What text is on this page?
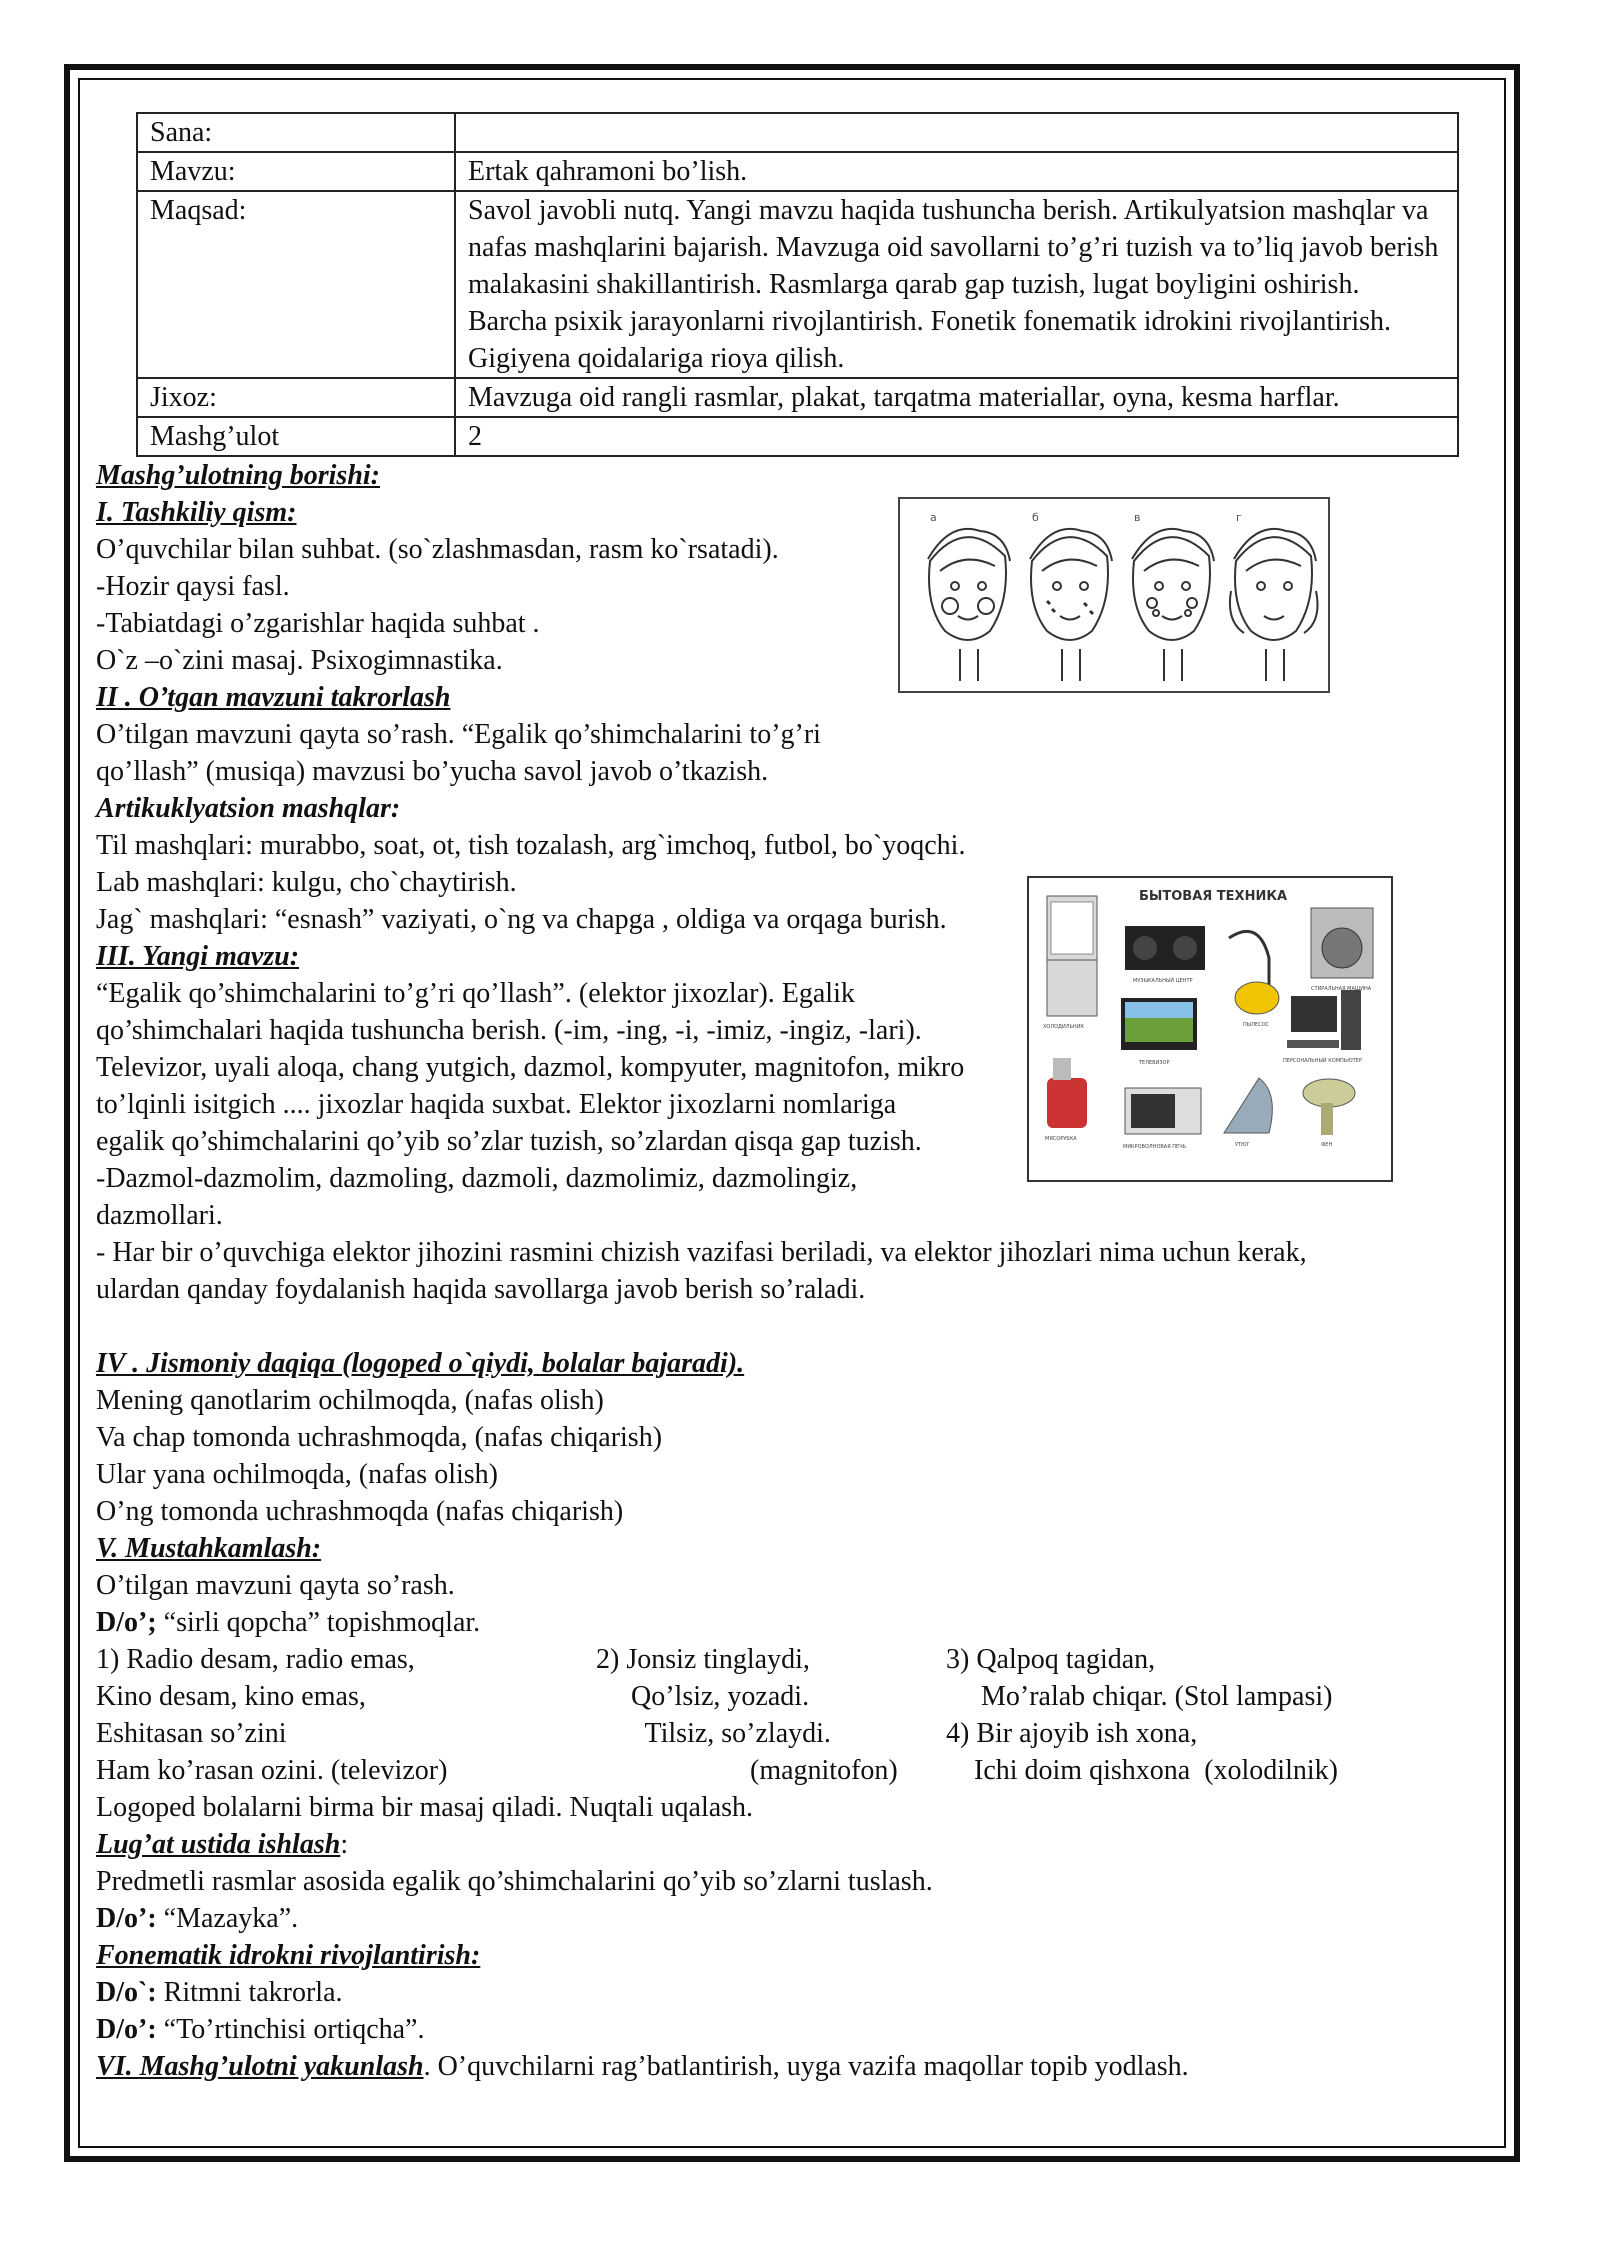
Sana:	
Mavzu:	Ertak qahramoni bo’lish.
Maqsad:	Savol javobli nutq. Yangi mavzu haqida tushuncha berish. Artikulyatsion mashqlar va nafas mashqlarini bajarish. Mavzuga oid savollarni to’g’ri tuzish va to’liq javob berish malakasini shakillantirish. Rasmlarga qarab gap tuzish, lugat boyligini oshirish. Barcha psixik jarayonlarni rivojlantirish. Fonetik fonematik idrokini rivojlantirish. Gigiyena qoidalariga rioya qilish.
Jixoz:	Mavzuga oid rangli rasmlar, plakat, tarqatma materiallar, oyna, kesma harflar.
Mashg’ulot	2
Mashg’ulotning borishi:
I. Tashkiliy qism:
O’quvchilar bilan suhbat. (so`zlashmasdan, rasm ko`rsatadi).
-Hozir qaysi fasl.
-Tabiatdagi o’zgarishlar haqida suhbat .
O`z –o`zini masaj. Psixogimnastika.
II . O’tgan mavzuni takrorlash
O’tilgan mavzuni qayta so’rash. “Egalik qo’shimchalarini to’g’ri
qo’llash” (musiqa) mavzusi bo’yucha savol javob o’tkazish.
Artikuklyatsion mashqlar:
Til mashqlari: murabbo, soat, ot, tish tozalash, arg`imchoq, futbol, bo`yoqchi.
Lab mashqlari: kulgu, cho`chaytirish.
Jag` mashqlari: “esnash” vaziyati, o`ng va chapga , oldiga va orqaga burish.
III. Yangi mavzu:
“Egalik qo’shimchalarini to’g’ri qo’llash”. (elektor jixozlar). Egalik
qo’shimchalari haqida tushuncha berish. (-im, -ing, -i, -imiz, -ingiz, -lari).
Televizor, uyali aloqa, chang yutgich, dazmol, kompyuter, magnitofon, mikro
to’lqinli isitgich .... jixozlar haqida suxbat. Elektor jixozlarni nomlariga
egalik qo’shimchalarini qo’yib so’zlar tuzish, so’zlardan qisqa gap tuzish.
-Dazmol-dazmolim, dazmoling, dazmoli, dazmolimiz, dazmolingiz,
dazmollari.
- Har bir o’quvchiga elektor jihozini rasmini chizish vazifasi beriladi, va elektor jihozlari nima uchun kerak,
ulardan qanday foydalanish haqida savollarga javob berish so’raladi.
IV . Jismoniy daqiqa (logoped o`qiydi, bolalar bajaradi).
Mening qanotlarim ochilmoqda, (nafas olish)
Va chap tomonda uchrashmoqda, (nafas chiqarish)
Ular yana ochilmoqda, (nafas olish)
O’ng tomonda uchrashmoqda (nafas chiqarish)
V. Mustahkamlash:
O’tilgan mavzuni qayta so’rash.
D/o’; “sirli qopcha” topishmoqlar.
1) Radio desam, radio emas,	2) Jonsiz tinglaydi,	3) Qalpoq tagidan,
Kino desam, kino emas,	Qo’lsiz, yozadi.	Mo’ralab chiqar. (Stol lampasi)
Eshitasan so’zini	Tilsiz, so’zlaydi.	4) Bir ajoyib ish xona,
Ham ko’rasan ozini. (televizor)	(magnitofon)	Ichi doim qishxona  (xolodilnik)
Logoped bolalarni birma bir masaj qiladi. Nuqtali uqalash.
Lug’at ustida ishlash:
Predmetli rasmlar asosida egalik qo’shimchalarini qo’yib so’zlarni tuslash.
D/o’: “Mazayka”.
Fonematik idrokni rivojlantirish:
D/o`: Ritmni takrorla.
D/o’: “To’rtinchisi ortiqcha”.
VI. Mashg’ulotni yakunlash. O’quvchilarni rag’batlantirish, uyga vazifa maqollar topib yodlash.
а	б	в	г
БЫТОВАЯ ТЕХНИКА
МУЗЫКАЛЬНЫЙ ЦЕНТР
СТИРАЛЬНАЯ МАШИНА
ХОЛОДИЛЬНИК	ПЫЛЕСОС
ТЕЛЕВИЗОР	ПЕРСОНАЛЬНЫЙ КОМПЬЮТЕР
МЯСОРУБКА
МИКРОВОЛНОВАЯ ПЕЧЬ	УТЮГ	ФЕН
